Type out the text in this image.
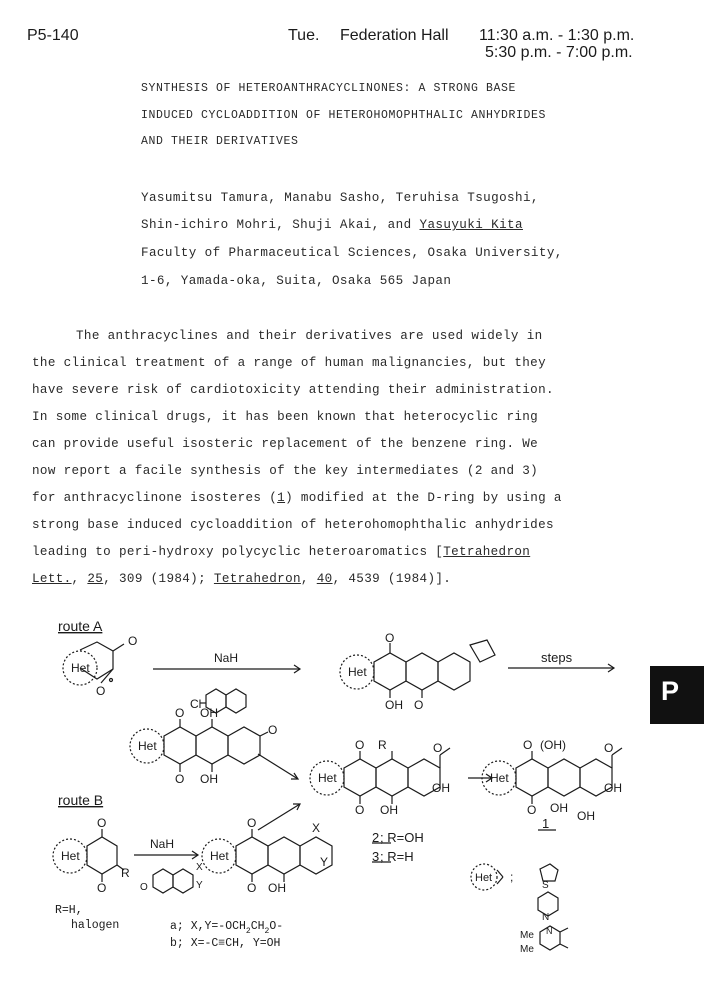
P5-140	Tue. Federation Hall 11:30 a.m. - 1:30 p.m.
5:30 p.m. - 7:00 p.m.
SYNTHESIS OF HETEROANTHRACYCLINONES: A STRONG BASE
INDUCED CYCLOADDITION OF HETEROHOMOPHTHALIC ANHYDRIDES
AND THEIR DERIVATIVES
Yasumitsu Tamura, Manabu Sasho, Teruhisa Tsugoshi,
Shin-ichiro Mohri, Shuji Akai, and Yasuyuki Kita
Faculty of Pharmaceutical Sciences, Osaka University,
1-6, Yamada-oka, Suita, Osaka 565 Japan
The anthracyclines and their derivatives are used widely in
the clinical treatment of a range of human malignancies, but they
have severe risk of cardiotoxicity attending their administration.
In some clinical drugs, it has been known that heterocyclic ring
can provide useful isosteric replacement of the benzene ring. We
now report a facile synthesis of the key intermediates (2 and 3)
for anthracyclinone isosteres (1) modified at the D-ring by using a
strong base induced cycloaddition of heterohomophthalic anhydrides
leading to peri-hydroxy polycyclic heteroaromatics [Tetrahedron
Lett., 25, 309 (1984); Tetrahedron, 40, 4539 (1984)].
P
route A
route B
Het
O
O
NaH
Cl
Het
O
OH O
steps
Het
O OH
O OH
O
Het
O R
O OH
OH
O
2 ; R=OH
3 ; R=H
Het
O (OH)
O OH
OH
OH
O
1
Het
O
O
R
NaH
O
X
Y
Het
O
O OH
X
Y
Het ;
S
N
N
Me
Me
R=H,
halogen	a; $X,Y=-OCH_2CH_2O-$
b; X=-C≡CH, Y=OH
